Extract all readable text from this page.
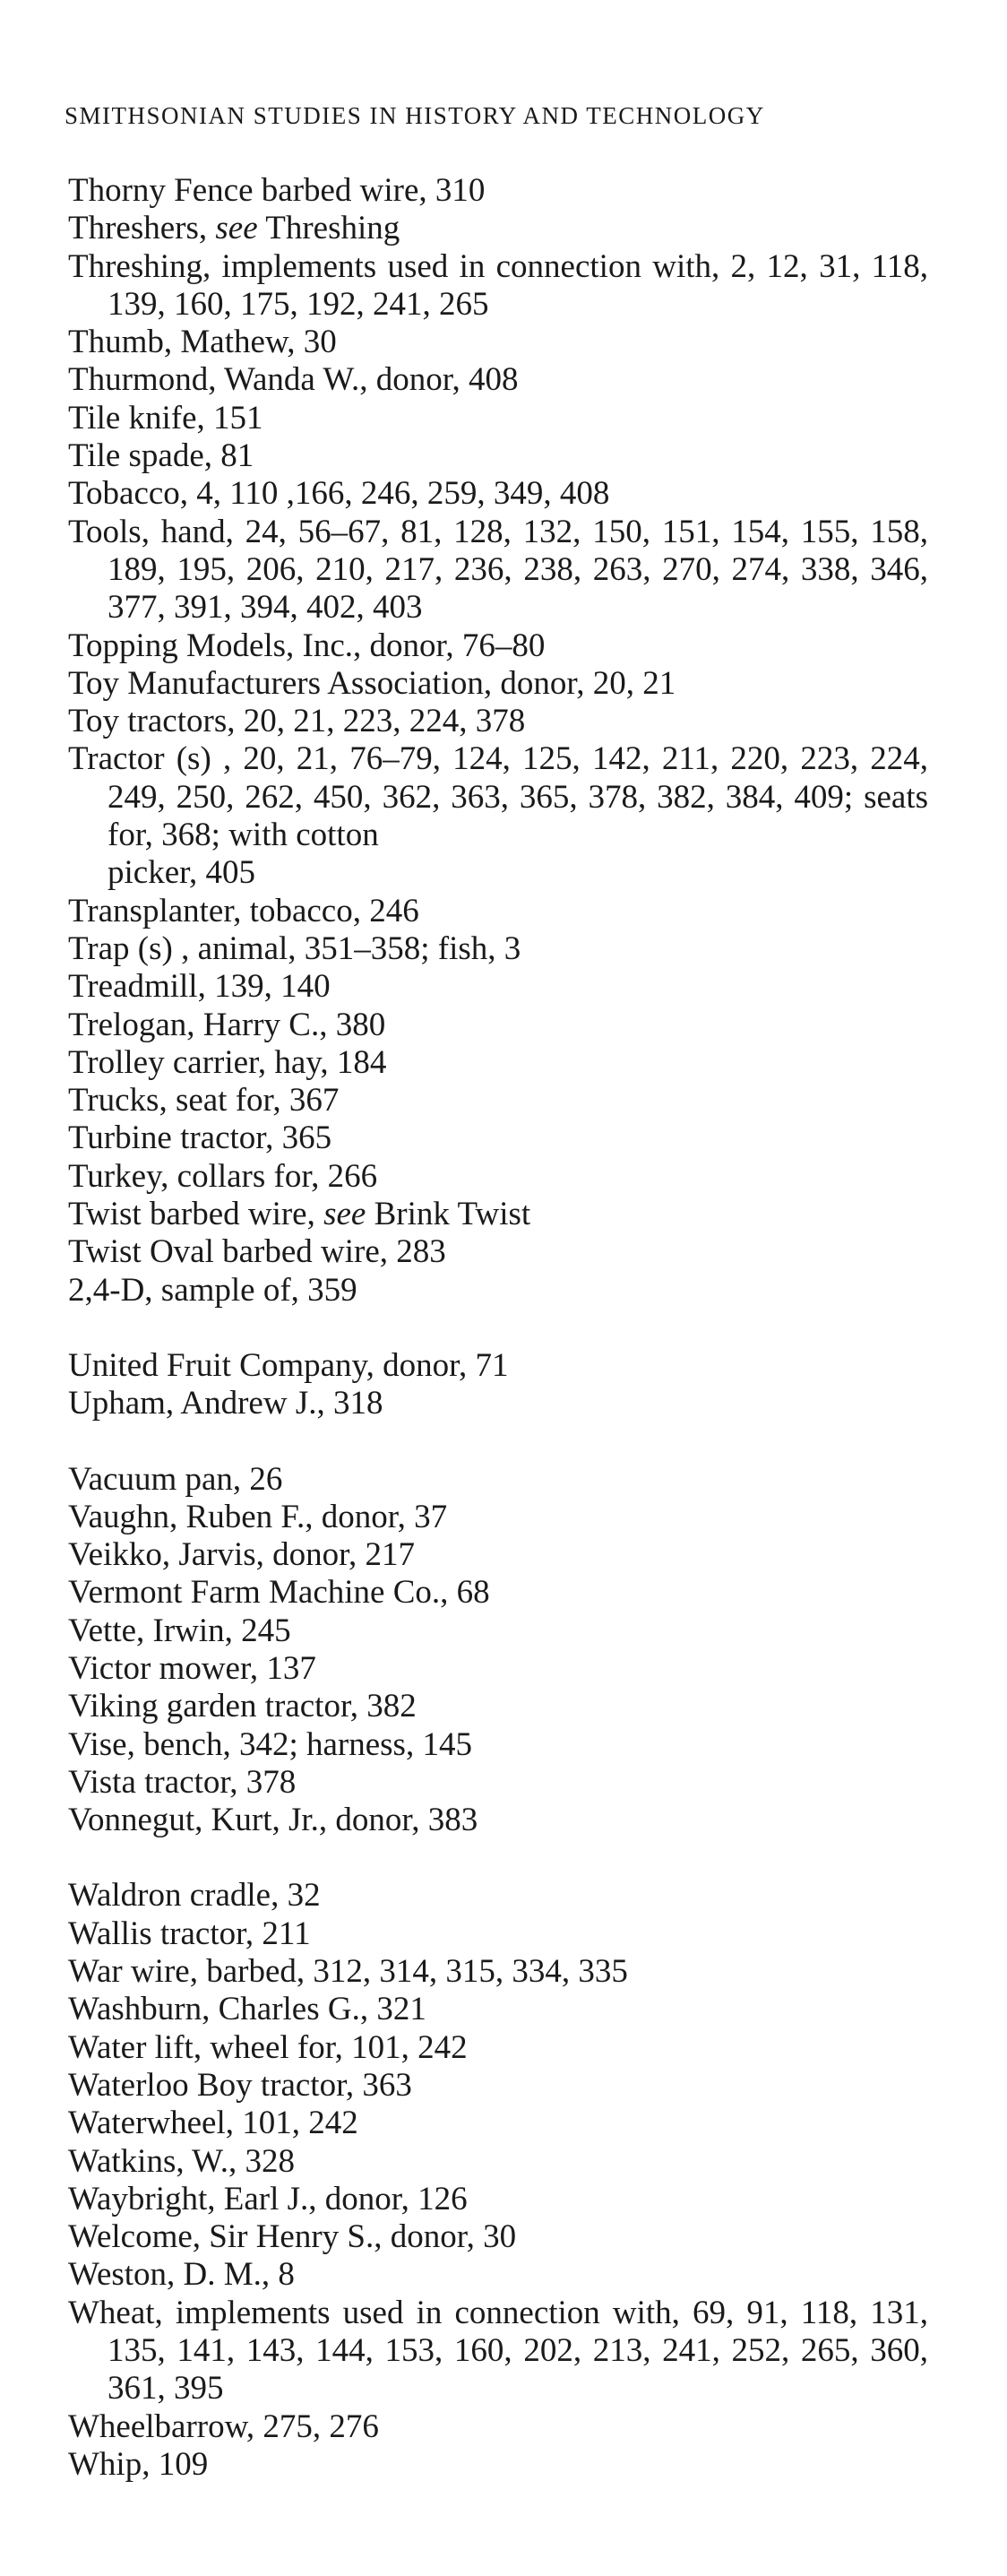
SMITHSONIAN STUDIES IN HISTORY AND TECHNOLOGY
Thorny Fence barbed wire, 310
Threshers, see Threshing
Threshing, implements used in connection with, 2, 12, 31, 118, 139, 160, 175, 192, 241, 265
Thumb, Mathew, 30
Thurmond, Wanda W., donor, 408
Tile knife, 151
Tile spade, 81
Tobacco, 4, 110 ,166, 246, 259, 349, 408
Tools, hand, 24, 56–67, 81, 128, 132, 150, 151, 154, 155, 158, 189, 195, 206, 210, 217, 236, 238, 263, 270, 274, 338, 346, 377, 391, 394, 402, 403
Topping Models, Inc., donor, 76–80
Toy Manufacturers Association, donor, 20, 21
Toy tractors, 20, 21, 223, 224, 378
Tractor (s) , 20, 21, 76–79, 124, 125, 142, 211, 220, 223, 224, 249, 250, 262, 450, 362, 363, 365, 378, 382, 384, 409; seats for, 368; with cotton
picker, 405
Transplanter, tobacco, 246
Trap (s) , animal, 351–358; fish, 3
Treadmill, 139, 140
Trelogan, Harry C., 380
Trolley carrier, hay, 184
Trucks, seat for, 367
Turbine tractor, 365
Turkey, collars for, 266
Twist barbed wire, see Brink Twist
Twist Oval barbed wire, 283
2,4-D, sample of, 359
United Fruit Company, donor, 71
Upham, Andrew J., 318
Vacuum pan, 26
Vaughn, Ruben F., donor, 37
Veikko, Jarvis, donor, 217
Vermont Farm Machine Co., 68
Vette, Irwin, 245
Victor mower, 137
Viking garden tractor, 382
Vise, bench, 342; harness, 145
Vista tractor, 378
Vonnegut, Kurt, Jr., donor, 383
Waldron cradle, 32
Wallis tractor, 211
War wire, barbed, 312, 314, 315, 334, 335
Washburn, Charles G., 321
Water lift, wheel for, 101, 242
Waterloo Boy tractor, 363
Waterwheel, 101, 242
Watkins, W., 328
Waybright, Earl J., donor, 126
Welcome, Sir Henry S., donor, 30
Weston, D. M., 8
Wheat, implements used in connection with, 69, 91, 118, 131, 135, 141, 143, 144, 153, 160, 202, 213, 241, 252, 265, 360, 361, 395
Wheelbarrow, 275, 276
Whip, 109
